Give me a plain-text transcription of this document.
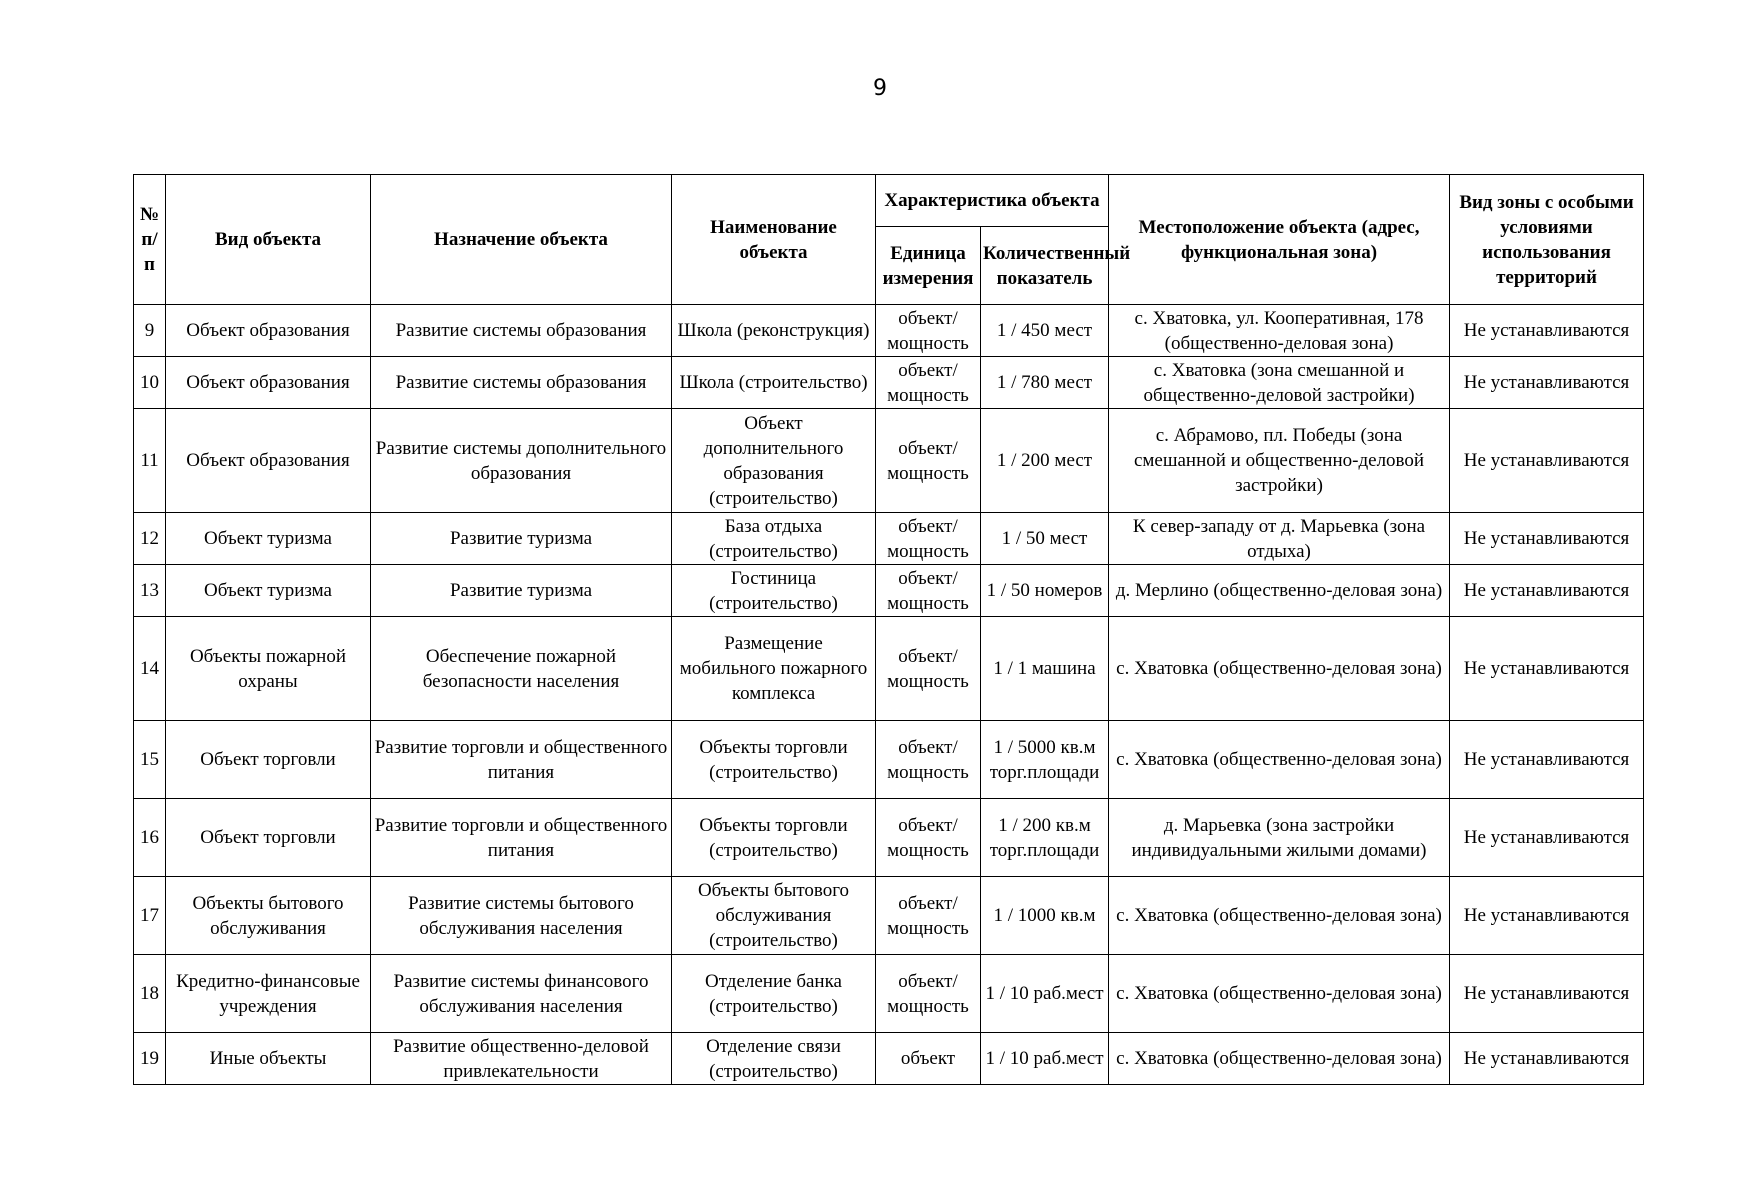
9
№ п/п	Вид объекта	Назначение объекта	Наименование объекта	Характеристика объекта		Местоположение объекта (адрес, функциональная зона)	Вид зоны с особыми условиями использования территорий
				Единица измерения	Количественный показатель		
9	Объект образования	Развитие системы образования	Школа (реконструкция)	объект/ мощность	1 / 450 мест	с. Хватовка, ул. Кооперативная, 178 (общественно-деловая зона)	Не устанавливаются
10	Объект образования	Развитие системы образования	Школа (строительство)	объект/ мощность	1 / 780 мест	с. Хватовка (зона смешанной и общественно-деловой застройки)	Не устанавливаются
11	Объект образования	Развитие системы дополнительного образования	Объект дополнительного образования (строительство)	объект/ мощность	1 / 200 мест	с. Абрамово, пл. Победы (зона смешанной и общественно-деловой застройки)	Не устанавливаются
12	Объект туризма	Развитие туризма	База отдыха (строительство)	объект/ мощность	1 / 50 мест	К север-западу от д. Марьевка (зона отдыха)	Не устанавливаются
13	Объект туризма	Развитие туризма	Гостиница (строительство)	объект/ мощность	1 / 50 номеров	д. Мерлино (общественно-деловая зона)	Не устанавливаются
14	Объекты пожарной охраны	Обеспечение пожарной безопасности населения	Размещение мобильного пожарного комплекса	объект/ мощность	1 / 1 машина	с. Хватовка (общественно-деловая зона)	Не устанавливаются
15	Объект торговли	Развитие торговли и общественного питания	Объекты торговли (строительство)	объект/ мощность	1 / 5000 кв.м торг.площади	с. Хватовка (общественно-деловая зона)	Не устанавливаются
16	Объект торговли	Развитие торговли и общественного питания	Объекты торговли (строительство)	объект/ мощность	1 / 200 кв.м торг.площади	д. Марьевка (зона застройки индивидуальными жилыми домами)	Не устанавливаются
17	Объекты бытового обслуживания	Развитие системы бытового обслуживания населения	Объекты бытового обслуживания (строительство)	объект/ мощность	1 / 1000 кв.м	с. Хватовка (общественно-деловая зона)	Не устанавливаются
18	Кредитно-финансовые учреждения	Развитие системы финансового обслуживания населения	Отделение банка (строительство)	объект/ мощность	1 / 10 раб.мест	с. Хватовка (общественно-деловая зона)	Не устанавливаются
19	Иные объекты	Развитие общественно-деловой привлекательности	Отделение связи (строительство)	объект	1 / 10 раб.мест	с. Хватовка (общественно-деловая зона)	Не устанавливаются
